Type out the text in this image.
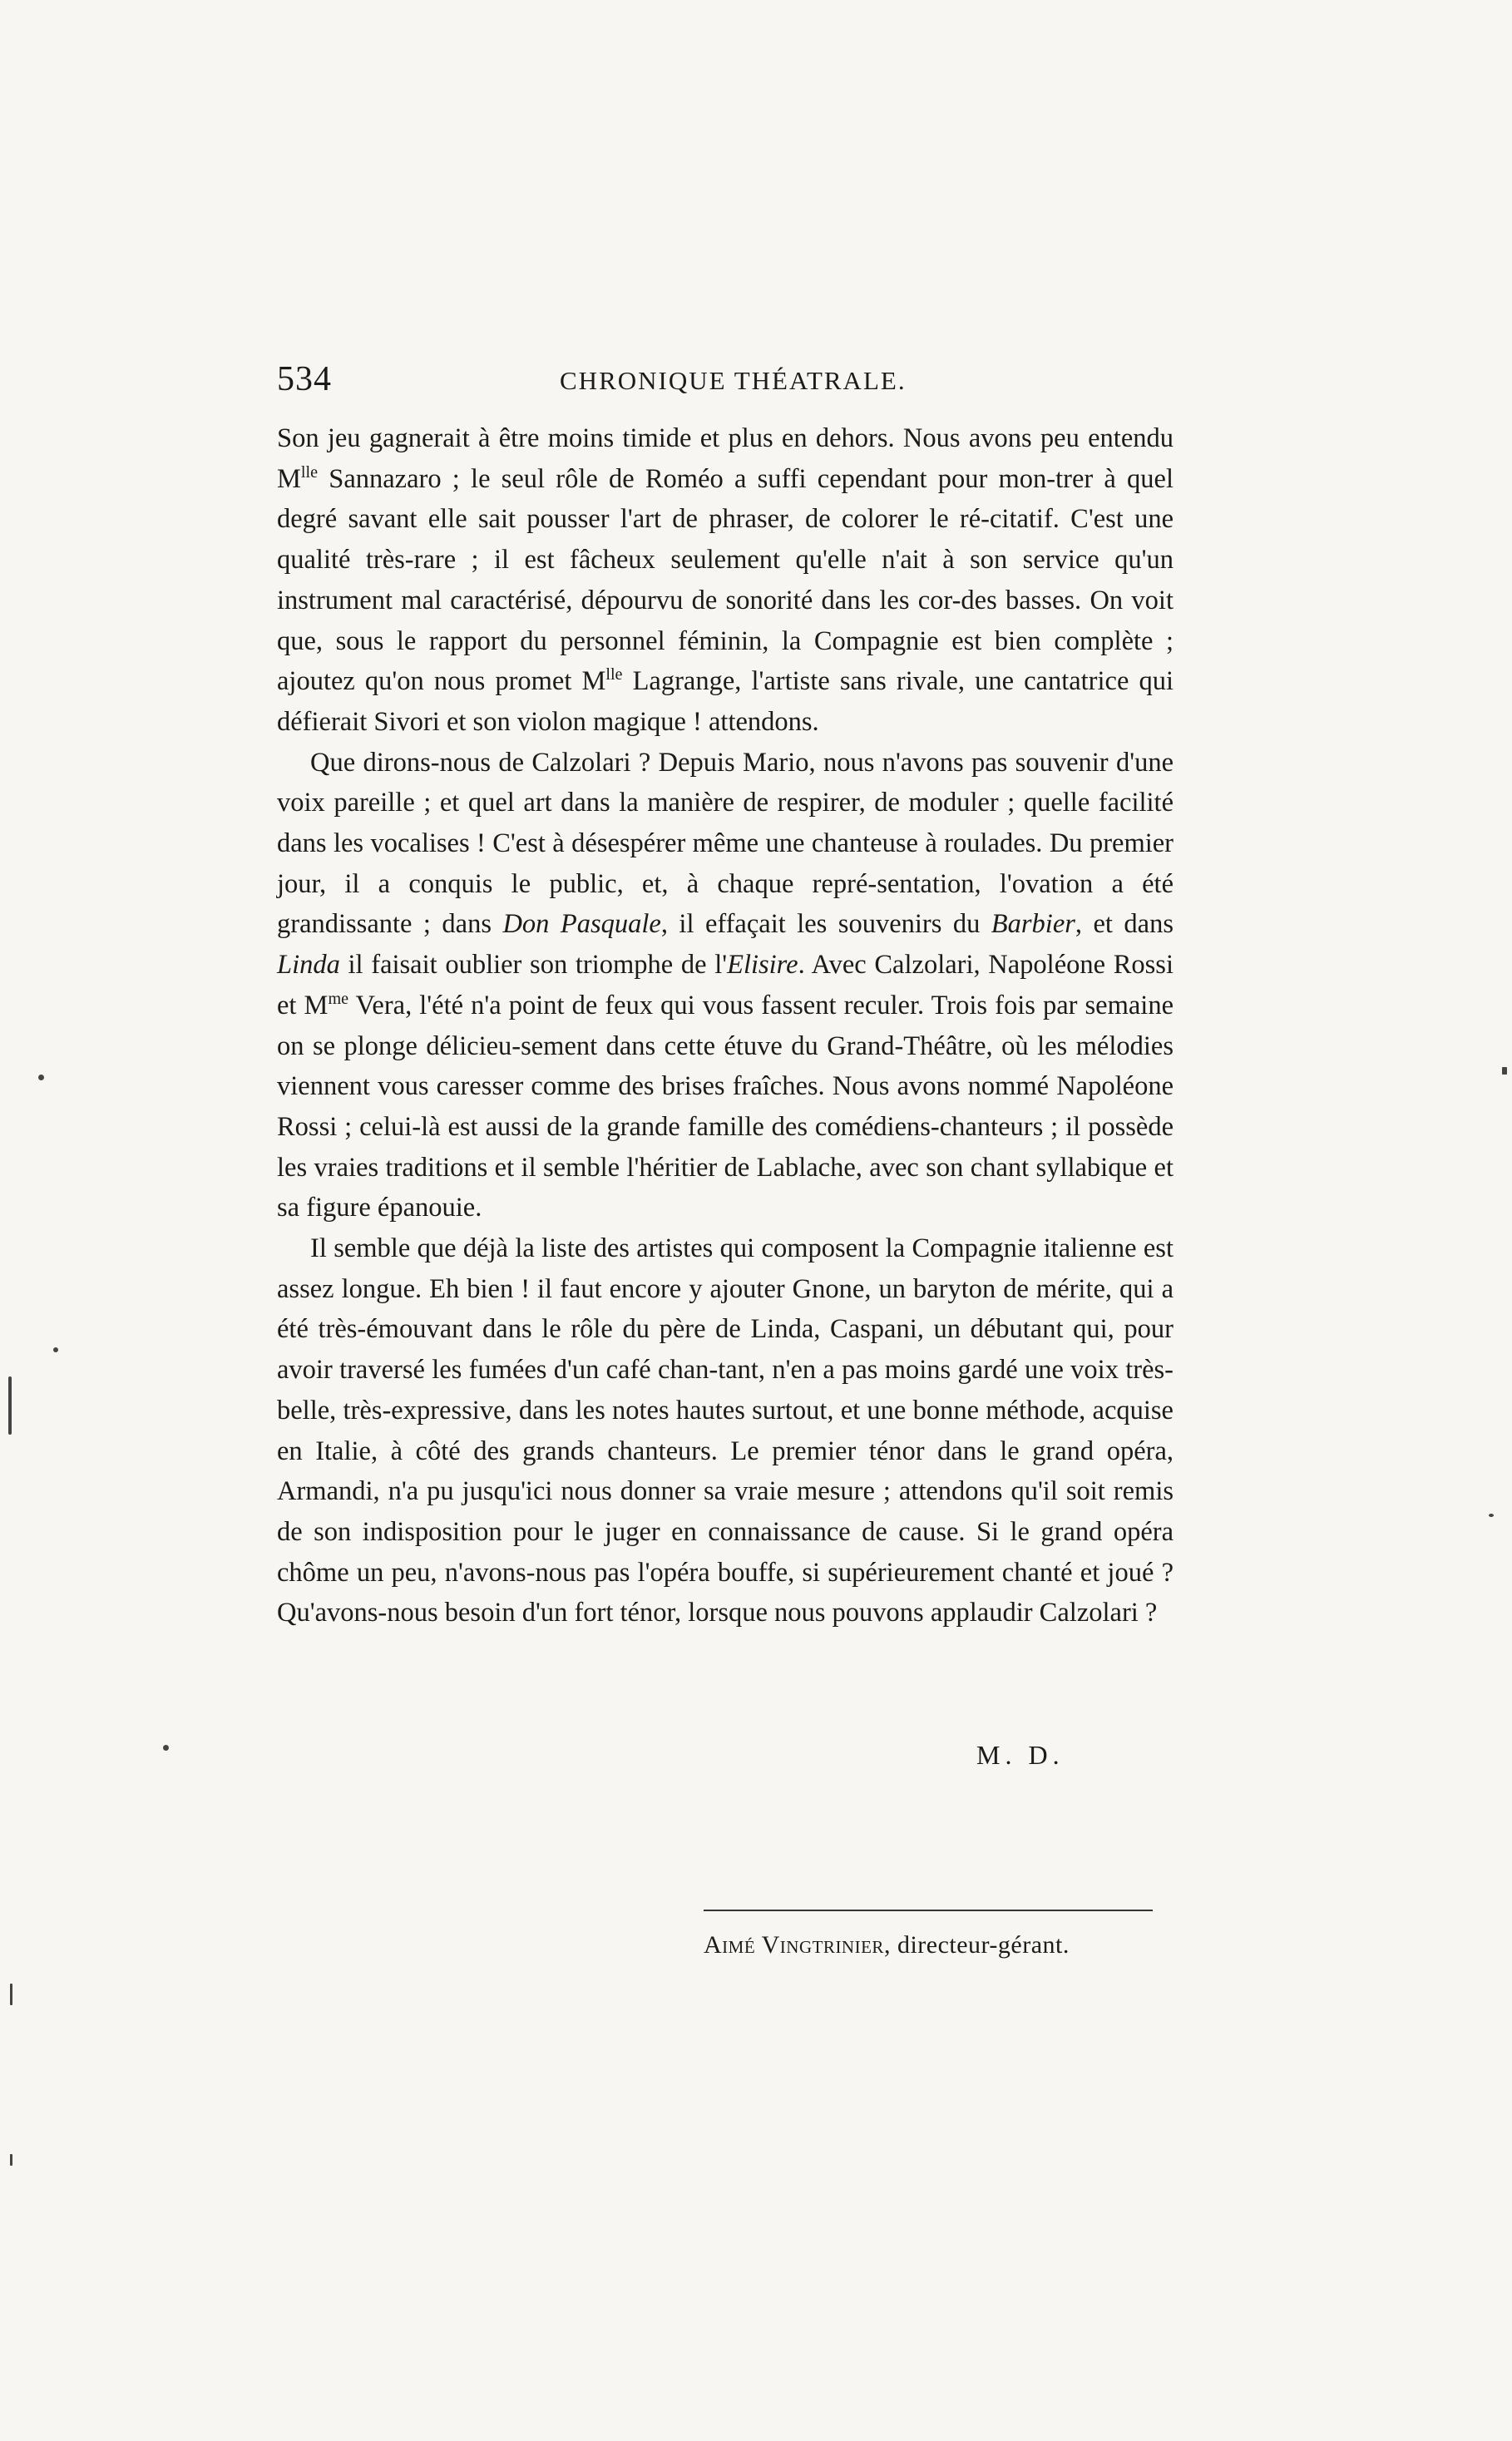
534	CHRONIQUE THÉATRALE.

Son jeu gagnerait à être moins timide et plus en dehors. Nous avons peu entendu $M^{lle}$ Sannazaro ; le seul rôle de Roméo a suffi cependant pour mon-trer à quel degré savant elle sait pousser l'art de phraser, de colorer le ré-citatif. C'est une qualité très-rare ; il est fâcheux seulement qu'elle n'ait à son service qu'un instrument mal caractérisé, dépourvu de sonorité dans les cor-des basses. On voit que, sous le rapport du personnel féminin, la Compagnie est bien complète ; ajoutez qu'on nous promet $M^{lle}$ Lagrange, l'artiste sans rivale, une cantatrice qui défierait Sivori et son violon magique ! attendons.

Que dirons-nous de Calzolari ? Depuis Mario, nous n'avons pas souvenir d'une voix pareille ; et quel art dans la manière de respirer, de moduler ; quelle facilité dans les vocalises ! C'est à désespérer même une chanteuse à roulades. Du premier jour, il a conquis le public, et, à chaque repré-sentation, l'ovation a été grandissante ; dans Don Pasquale, il effaçait les souvenirs du Barbier, et dans Linda il faisait oublier son triomphe de l'Elisire. Avec Calzolari, Napoléone Rossi et $M^{me}$ Vera, l'été n'a point de feux qui vous fassent reculer. Trois fois par semaine on se plonge délicieu-sement dans cette étuve du Grand-Théâtre, où les mélodies viennent vous caresser comme des brises fraîches. Nous avons nommé Napoléone Rossi ; celui-là est aussi de la grande famille des comédiens-chanteurs ; il possède les vraies traditions et il semble l'héritier de Lablache, avec son chant syllabique et sa figure épanouie.

Il semble que déjà la liste des artistes qui composent la Compagnie italienne est assez longue. Eh bien ! il faut encore y ajouter Gnone, un baryton de mérite, qui a été très-émouvant dans le rôle du père de Linda, Caspani, un débutant qui, pour avoir traversé les fumées d'un café chan-tant, n'en a pas moins gardé une voix très-belle, très-expressive, dans les notes hautes surtout, et une bonne méthode, acquise en Italie, à côté des grands chanteurs. Le premier ténor dans le grand opéra, Armandi, n'a pu jusqu'ici nous donner sa vraie mesure ; attendons qu'il soit remis de son indisposition pour le juger en connaissance de cause. Si le grand opéra chôme un peu, n'avons-nous pas l'opéra bouffe, si supérieurement chanté et joué ? Qu'avons-nous besoin d'un fort ténor, lorsque nous pouvons applaudir Calzolari ?

M. D.
Aimé Vingtrinier, directeur-gérant.
